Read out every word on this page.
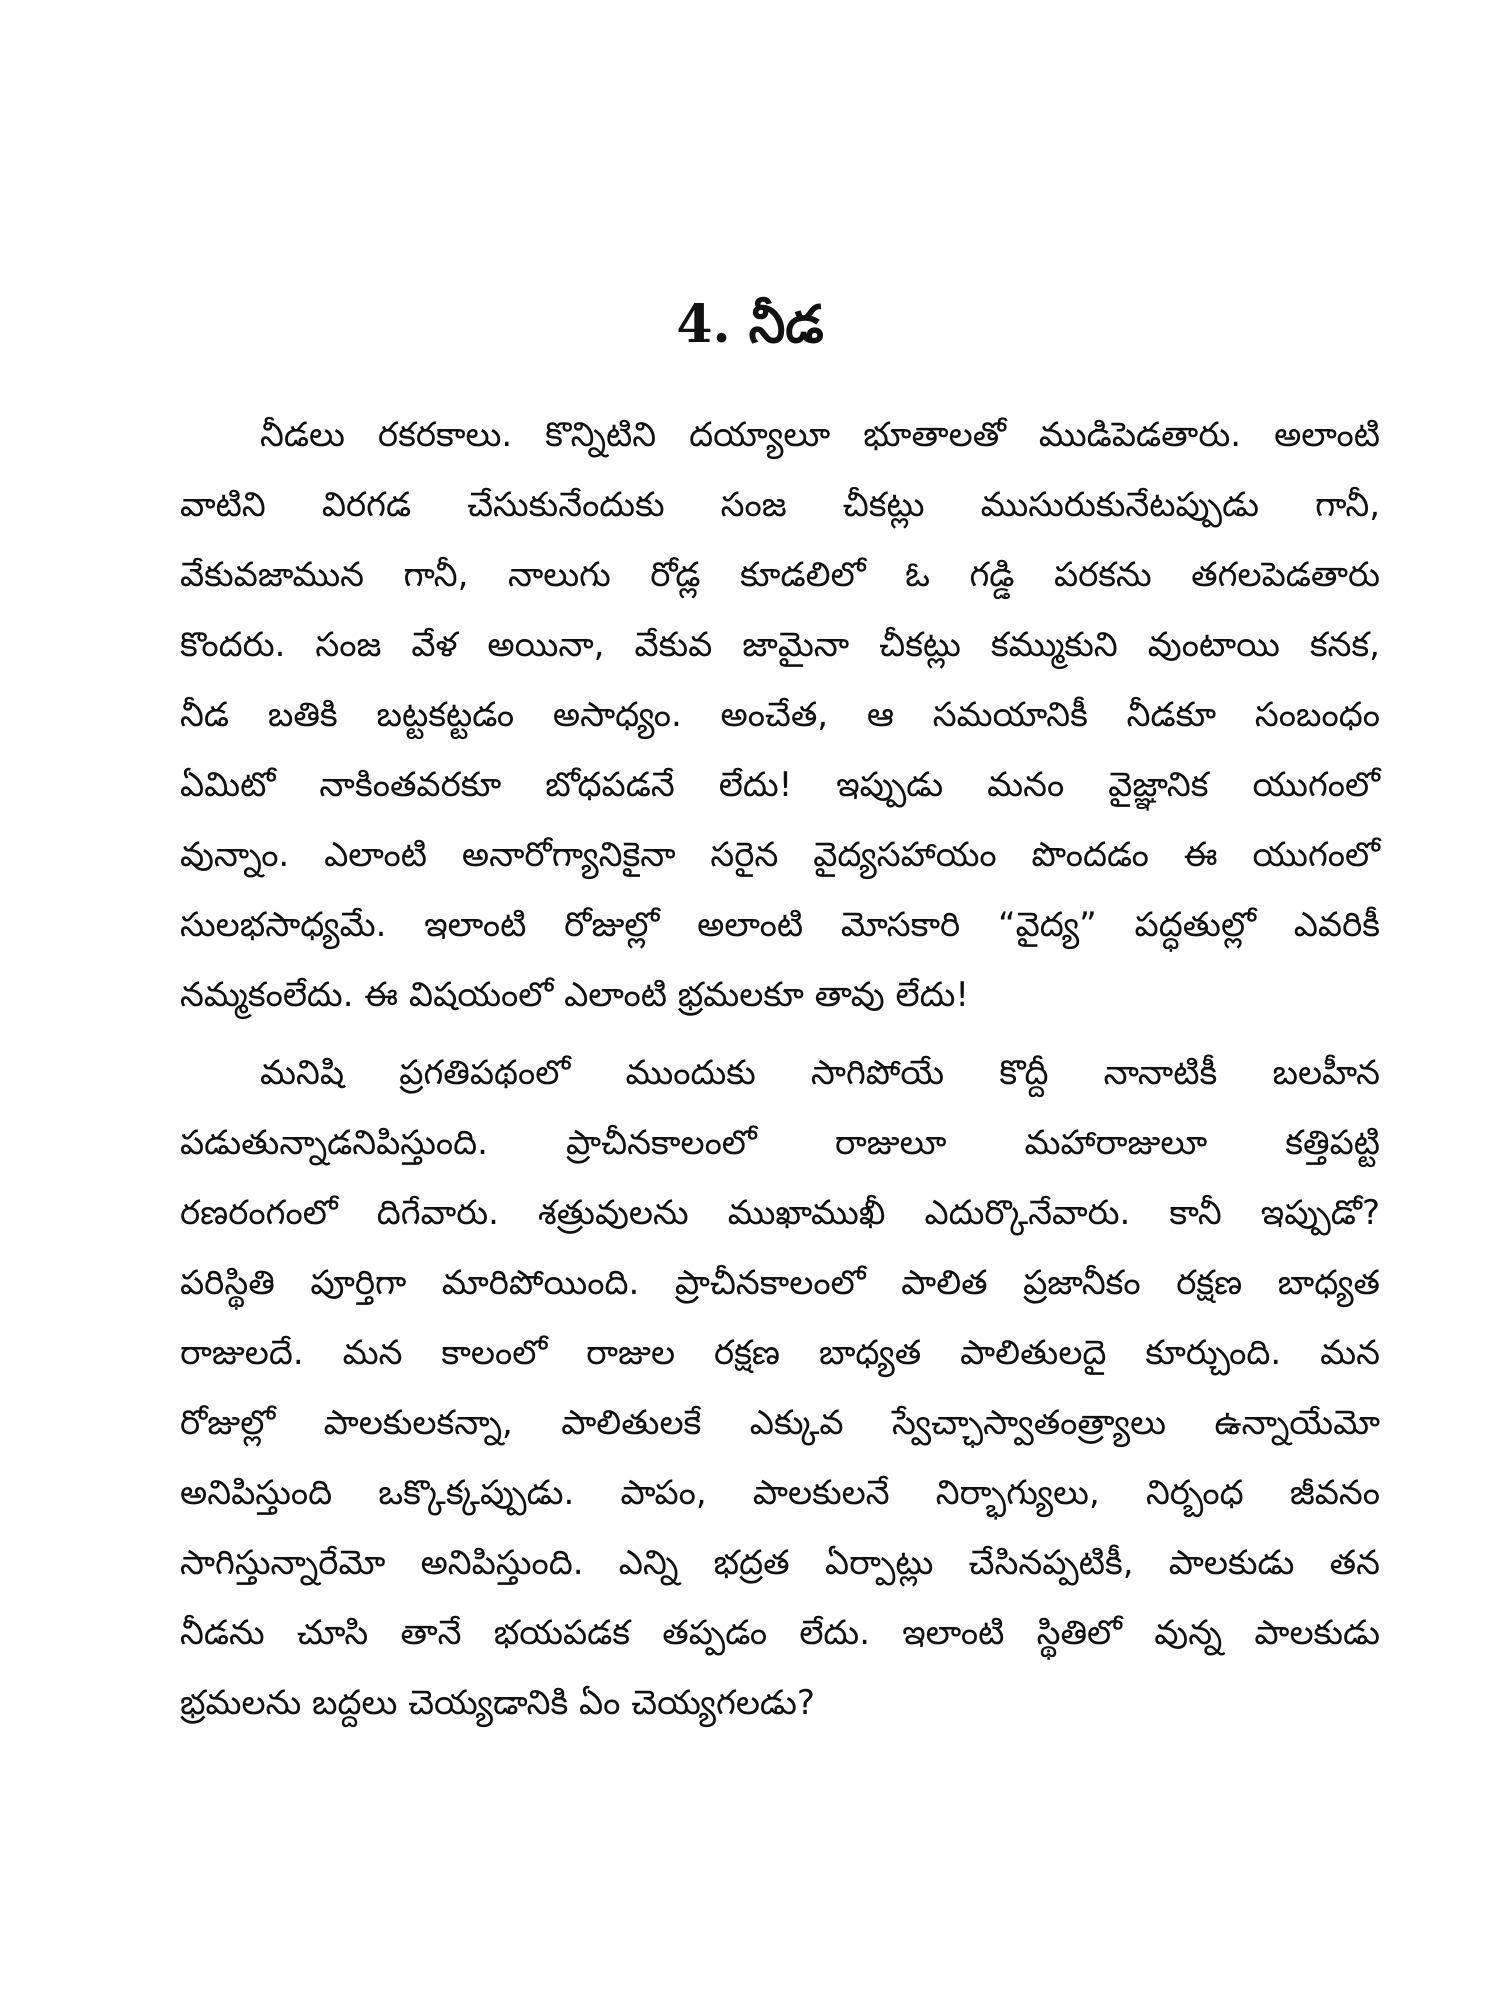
4. నీడ
నీడలు రకరకాలు. కొన్నిటిని దయ్యాలూ భూతాలతో ముడిపెడతారు. అలాంటి
వాటిని విరగడ చేసుకునేందుకు సంజ చీకట్లు ముసురుకునేటప్పుడు గానీ,
వేకువజామున గానీ, నాలుగు రోడ్ల కూడలిలో ఓ గడ్డి పరకను తగలపెడతారు
కొందరు. సంజ వేళ అయినా, వేకువ జామైనా చీకట్లు కమ్ముకుని వుంటాయి కనక,
నీడ బతికి బట్టకట్టడం అసాధ్యం. అంచేత, ఆ సమయానికీ నీడకూ సంబంధం
ఏమిటో నాకింతవరకూ బోధపడనే లేదు! ఇప్పుడు మనం వైజ్ఞానిక యుగంలో
వున్నాం. ఎలాంటి అనారోగ్యానికైనా సరైన వైద్యసహాయం పొందడం ఈ యుగంలో
సులభసాధ్యమే. ఇలాంటి రోజుల్లో అలాంటి మోసకారి “వైద్య” పద్ధతుల్లో ఎవరికీ
నమ్మకంలేదు. ఈ విషయంలో ఎలాంటి భ్రమలకూ తావు లేదు!
మనిషి ప్రగతిపథంలో ముందుకు సాగిపోయే కొద్దీ నానాటికీ బలహీన
పడుతున్నాడనిపిస్తుంది. ప్రాచీనకాలంలో రాజులూ మహారాజులూ కత్తిపట్టి
రణరంగంలో దిగేవారు. శత్రువులను ముఖాముఖీ ఎదుర్కొనేవారు. కానీ ఇప్పుడో?
పరిస్థితి పూర్తిగా మారిపోయింది. ప్రాచీనకాలంలో పాలిత ప్రజానీకం రక్షణ బాధ్యత
రాజులదే. మన కాలంలో రాజుల రక్షణ బాధ్యత పాలితులదై కూర్చుంది. మన
రోజుల్లో పాలకులకన్నా, పాలితులకే ఎక్కువ స్వేచ్ఛాస్వాతంత్ర్యాలు ఉన్నాయేమో
అనిపిస్తుంది ఒక్కొక్కప్పుడు. పాపం, పాలకులనే నిర్భాగ్యులు, నిర్బంధ జీవనం
సాగిస్తున్నారేమో అనిపిస్తుంది. ఎన్ని భద్రత ఏర్పాట్లు చేసినప్పటికీ, పాలకుడు తన
నీడను చూసి తానే భయపడక తప్పడం లేదు. ఇలాంటి స్థితిలో వున్న పాలకుడు
భ్రమలను బద్దలు చెయ్యడానికి ఏం చెయ్యగలడు?
